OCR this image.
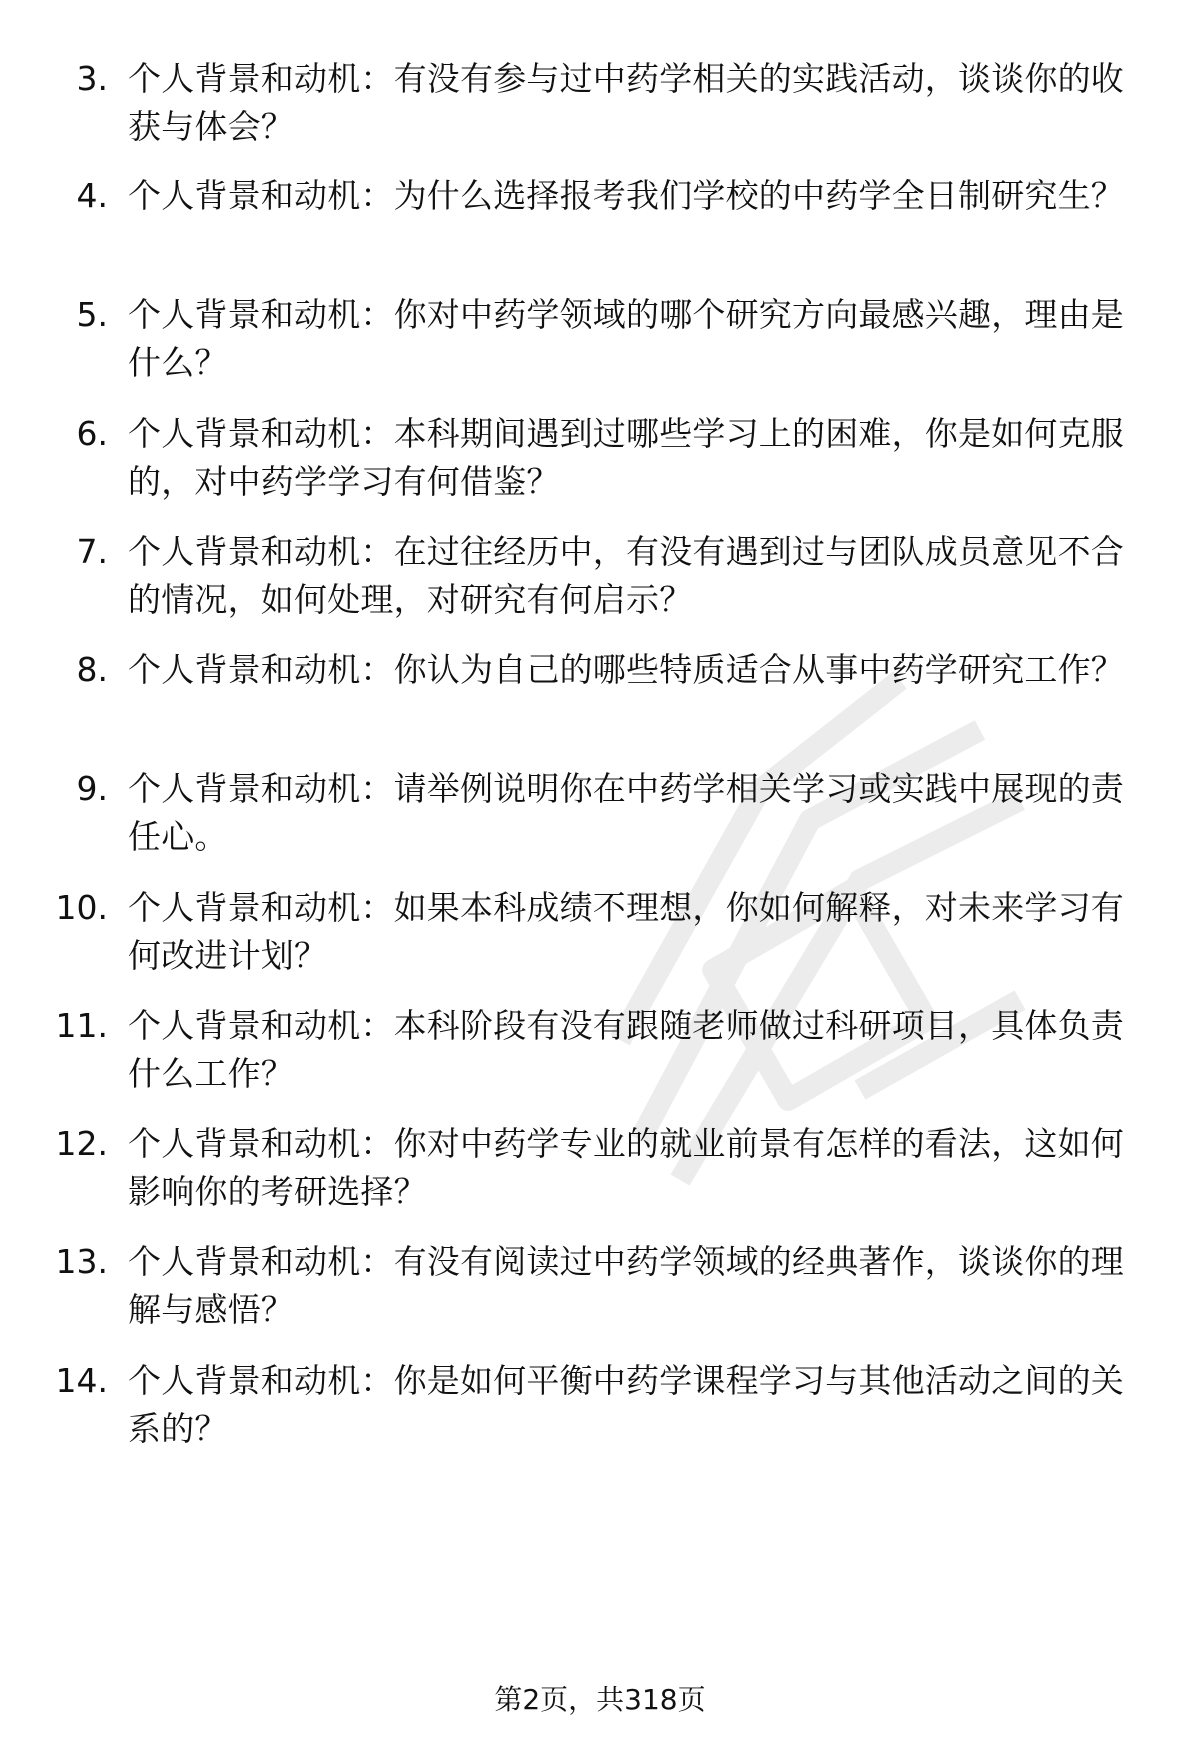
3. 个人背景和动机：有没有参与过中药学相关的实践活动，谈谈你的收获与体会？
4. 个人背景和动机：为什么选择报考我们学校的中药学全日制研究生？
5. 个人背景和动机：你对中药学领域的哪个研究方向最感兴趣，理由是什么？
6. 个人背景和动机：本科期间遇到过哪些学习上的困难，你是如何克服的，对中药学学习有何借鉴？
7. 个人背景和动机：在过往经历中，有没有遇到过与团队成员意见不合的情况，如何处理，对研究有何启示？
8. 个人背景和动机：你认为自己的哪些特质适合从事中药学研究工作？
9. 个人背景和动机：请举例说明你在中药学相关学习或实践中展现的责任心。
10. 个人背景和动机：如果本科成绩不理想，你如何解释，对未来学习有何改进计划？
11. 个人背景和动机：本科阶段有没有跟随老师做过科研项目，具体负责什么工作？
12. 个人背景和动机：你对中药学专业的就业前景有怎样的看法，这如何影响你的考研选择？
13. 个人背景和动机：有没有阅读过中药学领域的经典著作，谈谈你的理解与感悟？
14. 个人背景和动机：你是如何平衡中药学课程学习与其他活动之间的关系的？
第2页，共318页
